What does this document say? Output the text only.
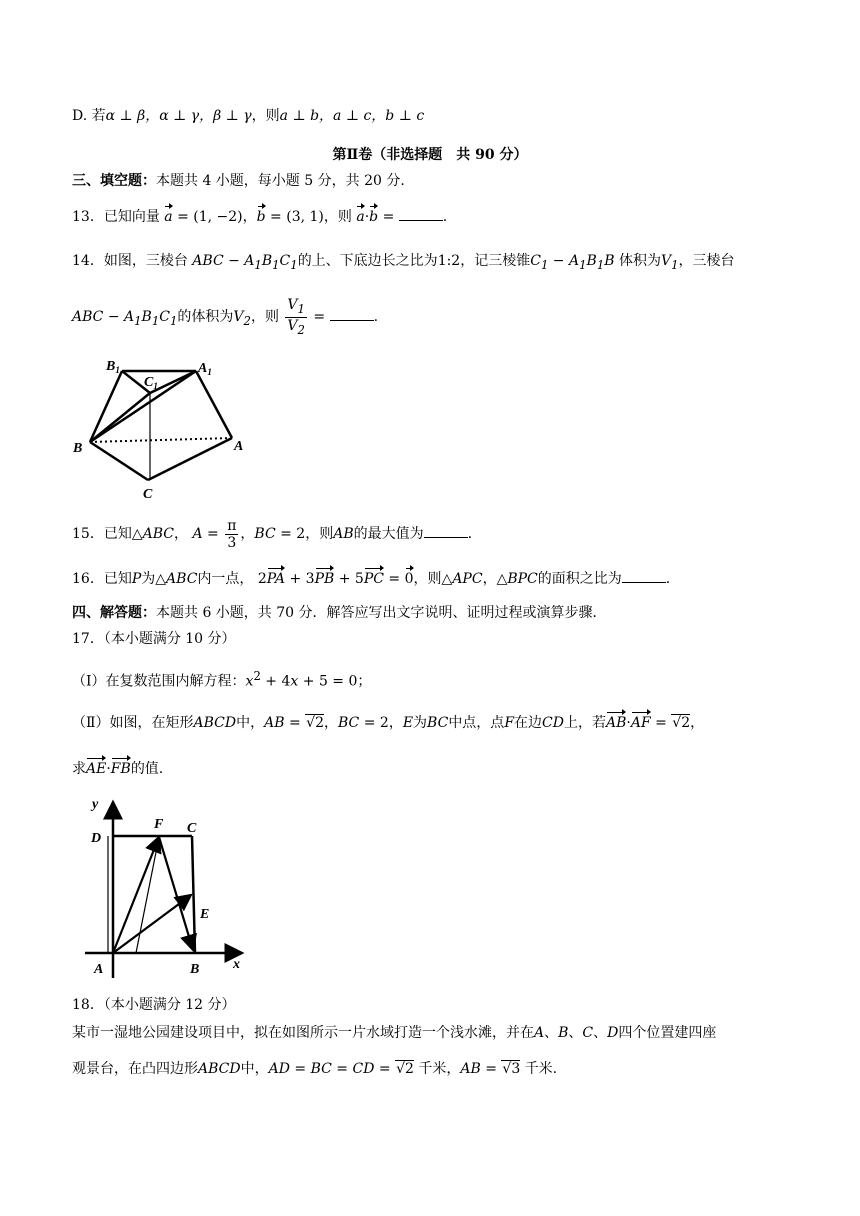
D. 若α ⊥ β，α ⊥ γ，β ⊥ γ，则a ⊥ b，a ⊥ c，b ⊥ c
第Ⅱ卷（非选择题　共 90 分）
三、填空题：本题共 4 小题，每小题 5 分，共 20 分.
13．已知向量 a = (1, −2)，b = (3, 1)，则 a·b =	.
14．如图，三棱台 ABC − $A_1B_1C_1$的上、下底边长之比为1:2，记三棱锥$C_1 - A_1B_1B$ 体积为$V_1$，三棱台
ABC − $A_1B_1C_1$的体积为$V_2$，则 $\frac{V_1}{V_2}$ =	.
$B_1$
$C_1$
$A_1$
B	A
C
15．已知△ABC， $A = \frac{\pi}{3}$ ，BC = 2，则AB的最大值为	.
16．已知P为△ABC内一点， 2PA + 3PB + 5PC = 0，则△APC，△BPC的面积之比为	.
四、解答题：本题共 6 小题，共 70 分．解答应写出文字说明、证明过程或演算步骤．
17．（本小题满分 10 分）
（Ⅰ）在复数范围内解方程：$x^2 + 4x + 5 = 0$；
（Ⅱ）如图，在矩形ABCD中，AB = √2，BC = 2，E为BC中点，点F在边CD上，若AB·AF = √2，
求AE·FB的值.
y
D
F C
E
A	B x
18．（本小题满分 12 分）
某市一湿地公园建设项目中，拟在如图所示一片水域打造一个浅水滩，并在A、B、C、D四个位置建四座
观景台，在凸四边形ABCD中，AD = BC = CD = √2 千米，AB = √3 千米.
